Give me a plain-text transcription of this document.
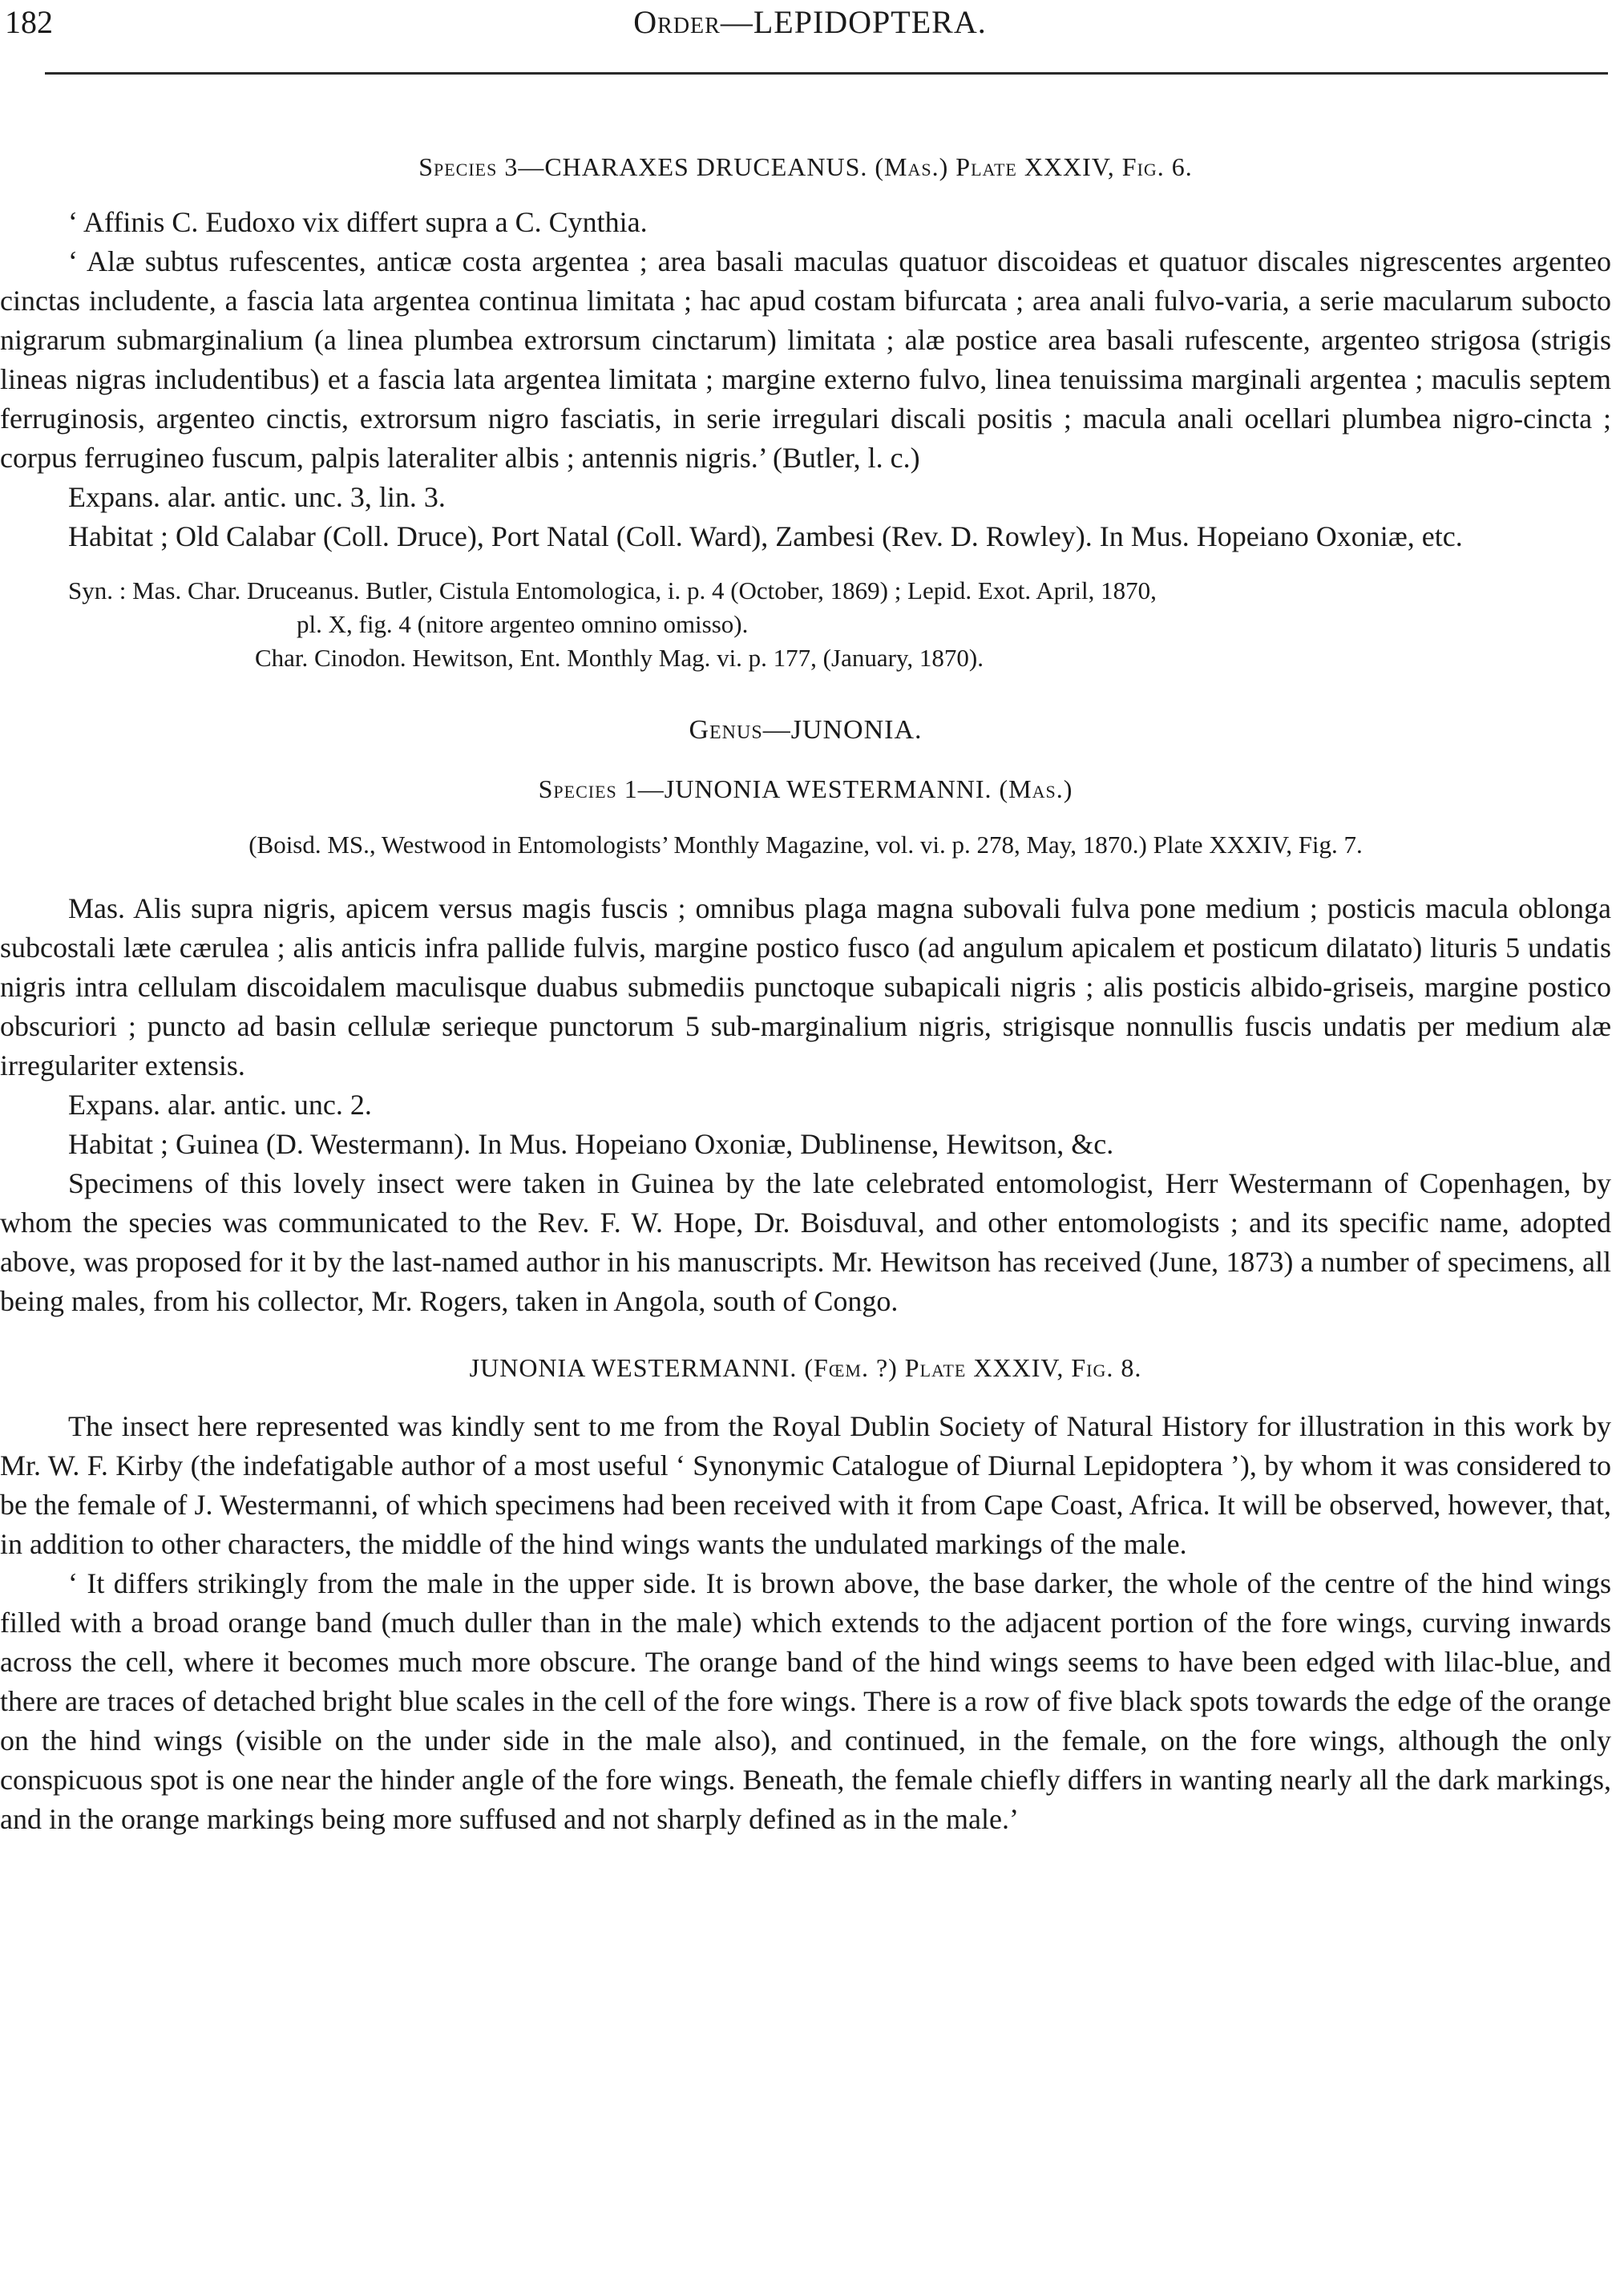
182	Order—LEPIDOPTERA.
Species 3—CHARAXES DRUCEANUS. (Mas.) Plate XXXIV, Fig. 6.

‘ Affinis C. Eudoxo vix differt supra a C. Cynthia.

‘ Alæ subtus rufescentes, anticæ costa argentea ; area basali maculas quatuor discoideas et quatuor discales nigrescentes argenteo cinctas includente, a fascia lata argentea continua limitata ; hac apud costam bifurcata ; area anali fulvo-varia, a serie macularum subocto nigrarum submarginalium (a linea plumbea extrorsum cinctarum) limitata ; alæ postice area basali rufescente, argenteo strigosa (strigis lineas nigras includentibus) et a fascia lata argentea limitata ; margine externo fulvo, linea tenuissima marginali argentea ; maculis septem ferruginosis, argenteo cinctis, extrorsum nigro fasciatis, in serie irregulari discali positis ; macula anali ocellari plumbea nigro-cincta ; corpus ferrugineo fuscum, palpis lateraliter albis ; antennis nigris.’ (Butler, l. c.)

Expans. alar. antic. unc. 3, lin. 3.

Habitat ; Old Calabar (Coll. Druce), Port Natal (Coll. Ward), Zambesi (Rev. D. Rowley). In Mus. Hopeiano Oxoniæ, etc.

Syn. : Mas. Char. Druceanus. Butler, Cistula Entomologica, i. p. 4 (October, 1869) ; Lepid. Exot. April, 1870,
pl. X, fig. 4 (nitore argenteo omnino omisso).
Char. Cinodon. Hewitson, Ent. Monthly Mag. vi. p. 177, (January, 1870).
Genus—JUNONIA.
Species 1—JUNONIA WESTERMANNI. (Mas.)
(Boisd. MS., Westwood in Entomologists’ Monthly Magazine, vol. vi. p. 278, May, 1870.) Plate XXXIV, Fig. 7.

Mas. Alis supra nigris, apicem versus magis fuscis ; omnibus plaga magna subovali fulva pone medium ; posticis macula oblonga subcostali læte cærulea ; alis anticis infra pallide fulvis, margine postico fusco (ad angulum apicalem et posticum dilatato) lituris 5 undatis nigris intra cellulam discoidalem maculisque duabus submediis punctoque subapicali nigris ; alis posticis albido-griseis, margine postico obscuriori ; puncto ad basin cellulæ serieque punctorum 5 sub-marginalium nigris, strigisque nonnullis fuscis undatis per medium alæ irregulariter extensis.

Expans. alar. antic. unc. 2.

Habitat ; Guinea (D. Westermann). In Mus. Hopeiano Oxoniæ, Dublinense, Hewitson, &c.

Specimens of this lovely insect were taken in Guinea by the late celebrated entomologist, Herr Westermann of Copenhagen, by whom the species was communicated to the Rev. F. W. Hope, Dr. Boisduval, and other entomologists ; and its specific name, adopted above, was proposed for it by the last-named author in his manuscripts. Mr. Hewitson has received (June, 1873) a number of specimens, all being males, from his collector, Mr. Rogers, taken in Angola, south of Congo.

JUNONIA WESTERMANNI. (Fœm. ?) Plate XXXIV, Fig. 8.

The insect here represented was kindly sent to me from the Royal Dublin Society of Natural History for illustration in this work by Mr. W. F. Kirby (the indefatigable author of a most useful ‘ Synonymic Catalogue of Diurnal Lepidoptera ’), by whom it was considered to be the female of J. Westermanni, of which specimens had been received with it from Cape Coast, Africa. It will be observed, however, that, in addition to other characters, the middle of the hind wings wants the undulated markings of the male.

‘ It differs strikingly from the male in the upper side. It is brown above, the base darker, the whole of the centre of the hind wings filled with a broad orange band (much duller than in the male) which extends to the adjacent portion of the fore wings, curving inwards across the cell, where it becomes much more obscure. The orange band of the hind wings seems to have been edged with lilac-blue, and there are traces of detached bright blue scales in the cell of the fore wings. There is a row of five black spots towards the edge of the orange on the hind wings (visible on the under side in the male also), and continued, in the female, on the fore wings, although the only conspicuous spot is one near the hinder angle of the fore wings. Beneath, the female chiefly differs in wanting nearly all the dark markings, and in the orange markings being more suffused and not sharply defined as in the male.’
